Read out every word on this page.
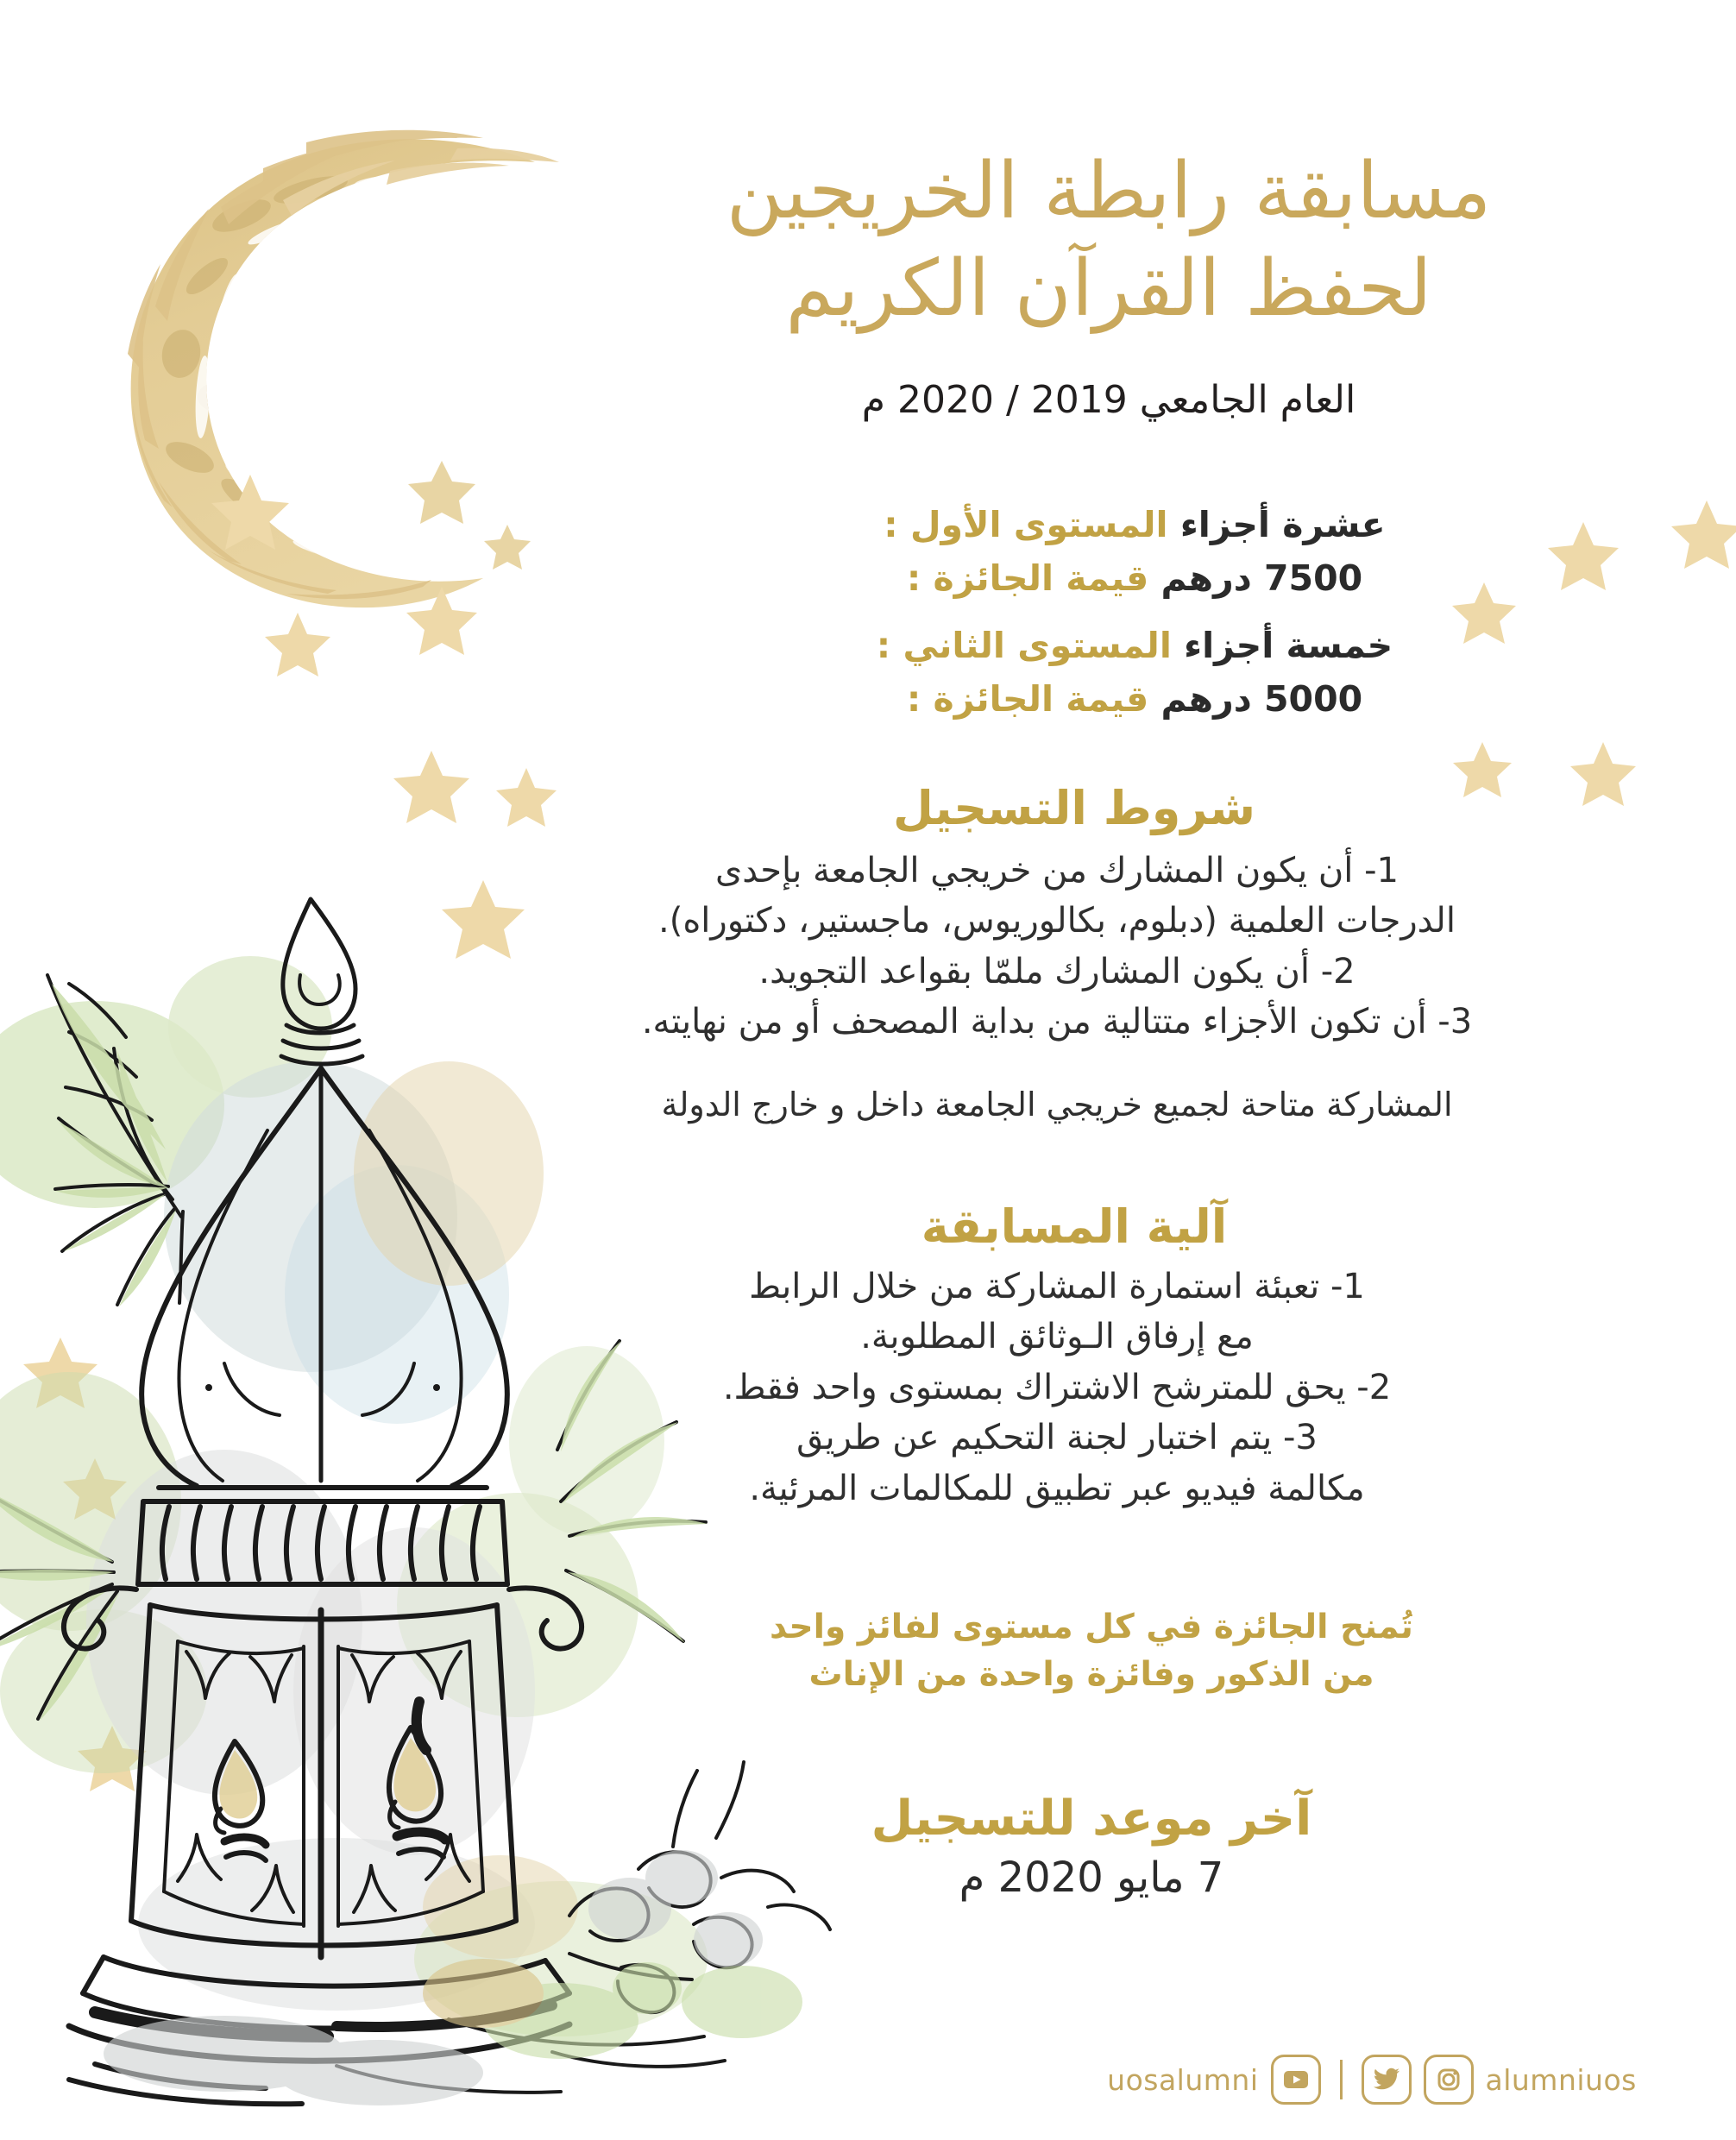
مسابقة رابطة الخريجين
لحفظ القرآن الكريم
العام الجامعي 2019 / 2020 م
عشرة أجزاء المستوى الأول :
7500 درهم قيمة الجائزة :
خمسة أجزاء المستوى الثاني :
5000 درهم قيمة الجائزة :
شروط التسجيل
1- أن يكون المشارك من خريجي الجامعة بإحدى
الدرجات العلمية (دبلوم، بكالوريوس، ماجستير، دكتوراه).
2- أن يكون المشارك ملمّا بقواعد التجويد.
3- أن تكون الأجزاء متتالية من بداية المصحف أو من نهايته.
المشاركة متاحة لجميع خريجي الجامعة داخل و خارج الدولة
آلية المسابقة
1- تعبئة استمارة المشاركة من خلال الرابط
مع إرفاق الـوثائق المطلوبة.
2- يحق للمترشح الاشتراك بمستوى واحد فقط.
3- يتم اختبار لجنة التحكيم عن طريق
مكالمة فيديو عبر تطبيق للمكالمات المرئية.
تُمنح الجائزة في كل مستوى لفائز واحد
من الذكور وفائزة واحدة من الإناث
آخر موعد للتسجيل
7 مايو 2020 م
alumniuos
uosalumni
